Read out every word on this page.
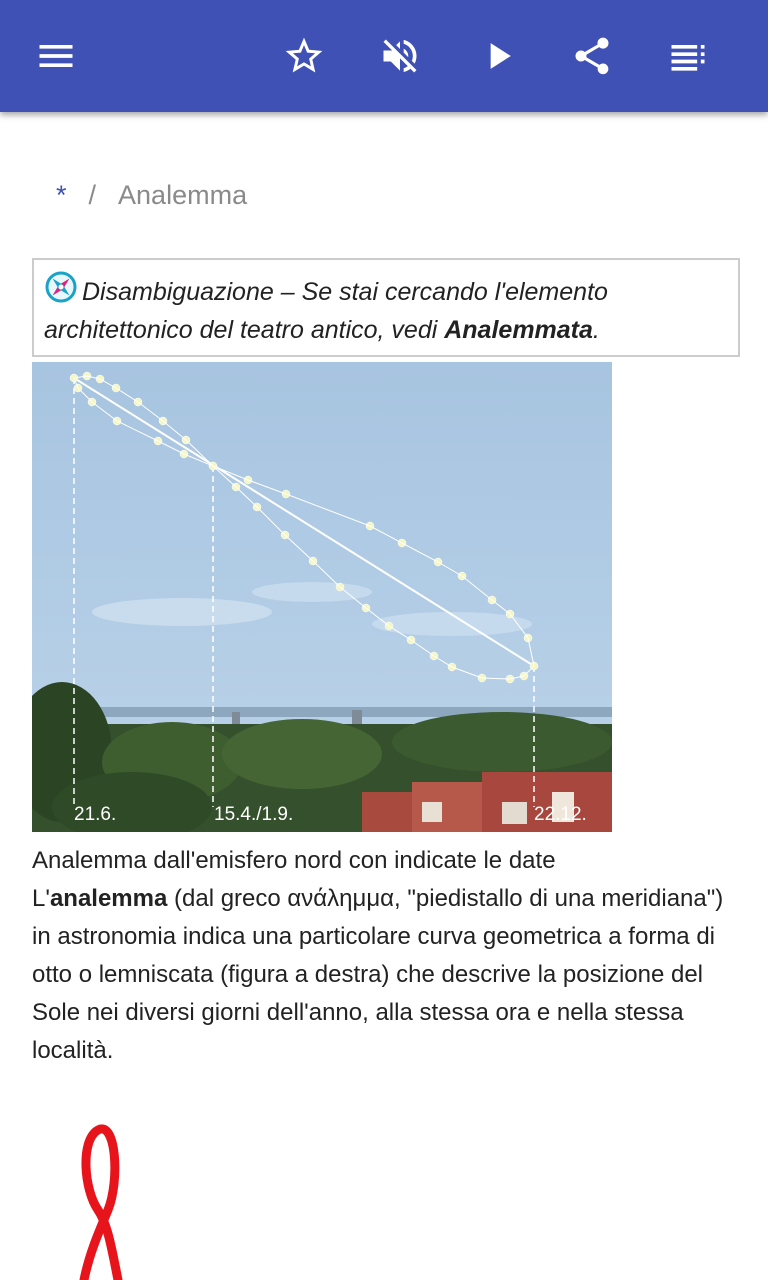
* / Analemma
Disambiguazione – Se stai cercando l'elemento architettonico del teatro antico, vedi Analemmata.
21.6.	15.4./1.9.	22.12.
Analemma dall'emisfero nord con indicate le date
L'analemma (dal greco ανάλημμα, "piedistallo di una meridiana") in astronomia indica una particolare curva geometrica a forma di otto o lemniscata (figura a destra) che descrive la posizione del Sole nei diversi giorni dell'anno, alla stessa ora e nella stessa località.
